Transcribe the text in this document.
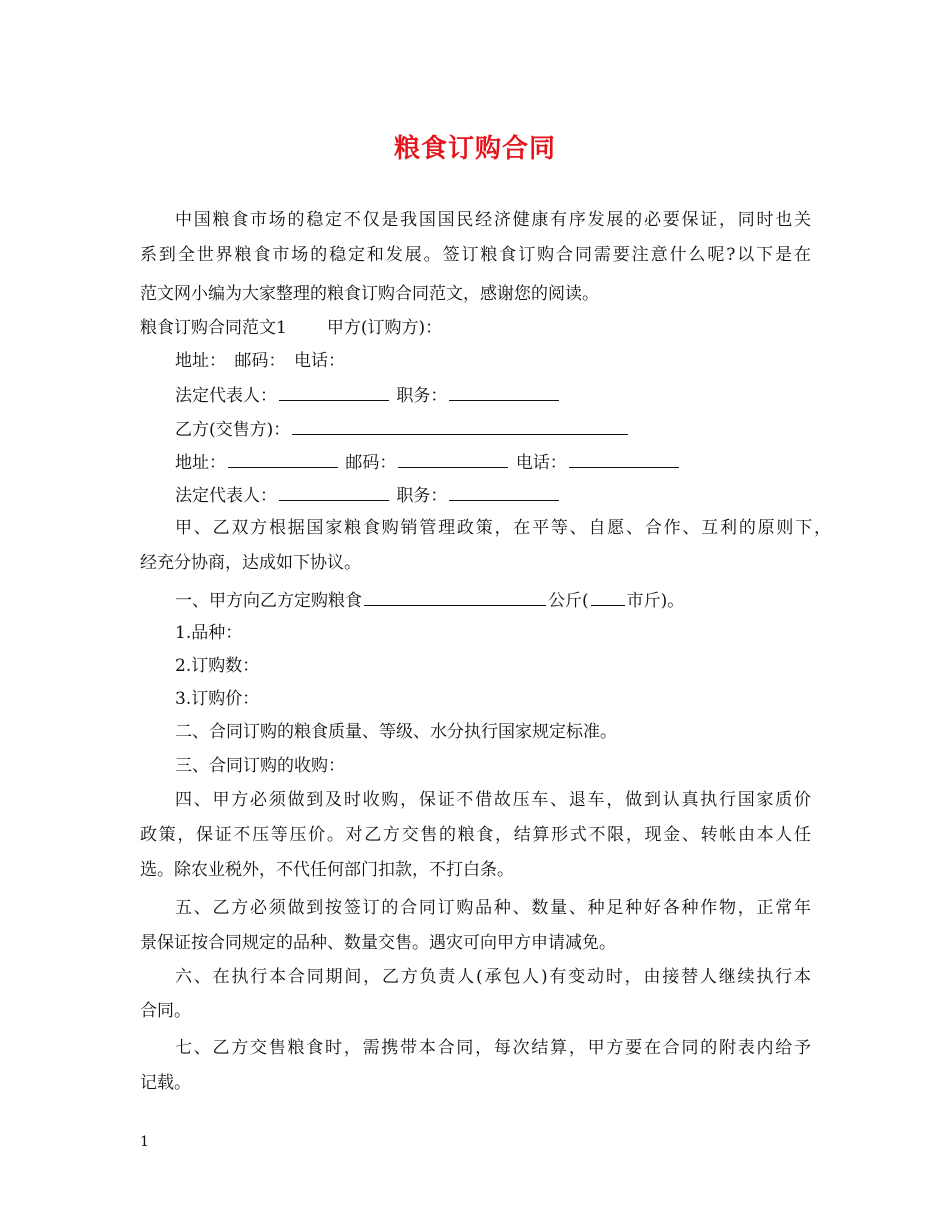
粮食订购合同
中国粮食市场的稳定不仅是我国国民经济健康有序发展的必要保证，同时也关
系到全世界粮食市场的稳定和发展。签订粮食订购合同需要注意什么呢?以下是在
范文网小编为大家整理的粮食订购合同范文，感谢您的阅读。
粮食订购合同范文1 甲方(订购方)：
地址：　邮码：　电话：
法定代表人：	职务：
乙方(交售方)：
地址：	邮码：	电话：
法定代表人：	职务：
甲、乙双方根据国家粮食购销管理政策，在平等、自愿、合作、互利的原则下，
经充分协商，达成如下协议。
一、甲方向乙方定购粮食	公斤( 市斤)。
1.品种：
2.订购数：
3.订购价：
二、合同订购的粮食质量、等级、水分执行国家规定标准。
三、合同订购的收购：
四、甲方必须做到及时收购，保证不借故压车、退车，做到认真执行国家质价
政策，保证不压等压价。对乙方交售的粮食，结算形式不限，现金、转帐由本人任
选。除农业税外，不代任何部门扣款，不打白条。
五、乙方必须做到按签订的合同订购品种、数量、种足种好各种作物，正常年
景保证按合同规定的品种、数量交售。遇灾可向甲方申请减免。
六、在执行本合同期间，乙方负责人(承包人)有变动时，由接替人继续执行本
合同。
七、乙方交售粮食时，需携带本合同，每次结算，甲方要在合同的附表内给予
记载。
1
